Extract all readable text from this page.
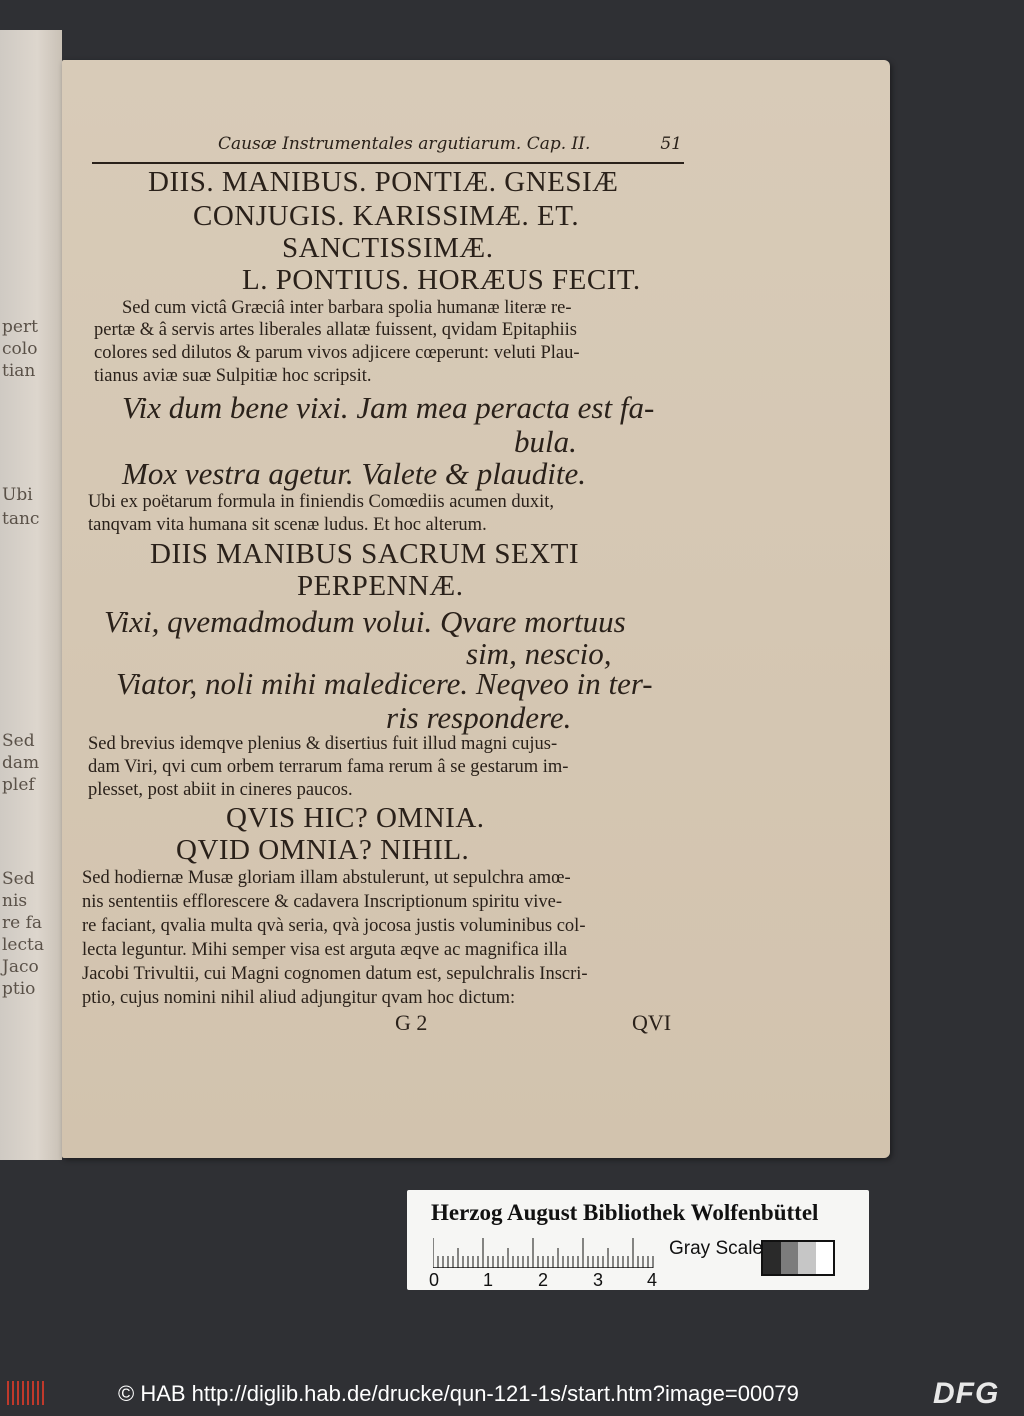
pert
colo
tian
Ubi
tanc
Sed
dam
plef
Sed
nis
re fa
lecta
Jaco
ptio
Causæ Instrumentales argutiarum. Cap. II.	51
DIIS. MANIBUS. PONTIÆ. GNESIÆ
CONJUGIS. KARISSIMÆ. ET.
SANCTISSIMÆ.
L. PONTIUS. HORÆUS FECIT.
Sed cum victâ Græciâ inter barbara spolia humanæ literæ re-
pertæ & â servis artes liberales allatæ fuissent, qvidam Epitaphiis
colores sed dilutos & parum vivos adjicere cœperunt: veluti Plau-
tianus aviæ suæ Sulpitiæ hoc scripsit.
Vix dum bene vixi. Jam mea peracta est fa-
bula.
Mox vestra agetur. Valete & plaudite.
Ubi ex poëtarum formula in finiendis Comœdiis acumen duxit,
tanqvam vita humana sit scenæ ludus. Et hoc alterum.
DIIS MANIBUS SACRUM SEXTI
PERPENNÆ.
Vixi, qvemadmodum volui. Qvare mortuus
sim, nescio,
Viator, noli mihi maledicere. Neqveo in ter-
ris respondere.
Sed brevius idemqve plenius & disertius fuit illud magni cujus-
dam Viri, qvi cum orbem terrarum fama rerum â se gestarum im-
plesset, post abiit in cineres paucos.
QVIS HIC? OMNIA.
QVID OMNIA? NIHIL.
Sed hodiernæ Musæ gloriam illam abstulerunt, ut sepulchra amœ-
nis sententiis efflorescere & cadavera Inscriptionum spiritu vive-
re faciant, qvalia multa qvà seria, qvà jocosa justis voluminibus col-
lecta leguntur. Mihi semper visa est arguta æqve ac magnifica illa
Jacobi Trivultii, cui Magni cognomen datum est, sepulchralis Inscri-
ptio, cujus nomini nihil aliud adjungitur qvam hoc dictum:
G 2	QVI
Herzog August Bibliothek Wolfenbüttel
0 1 2 3 4
Gray Scale
© HAB http://diglib.hab.de/drucke/qun-121-1s/start.htm?image=00079	DFG
